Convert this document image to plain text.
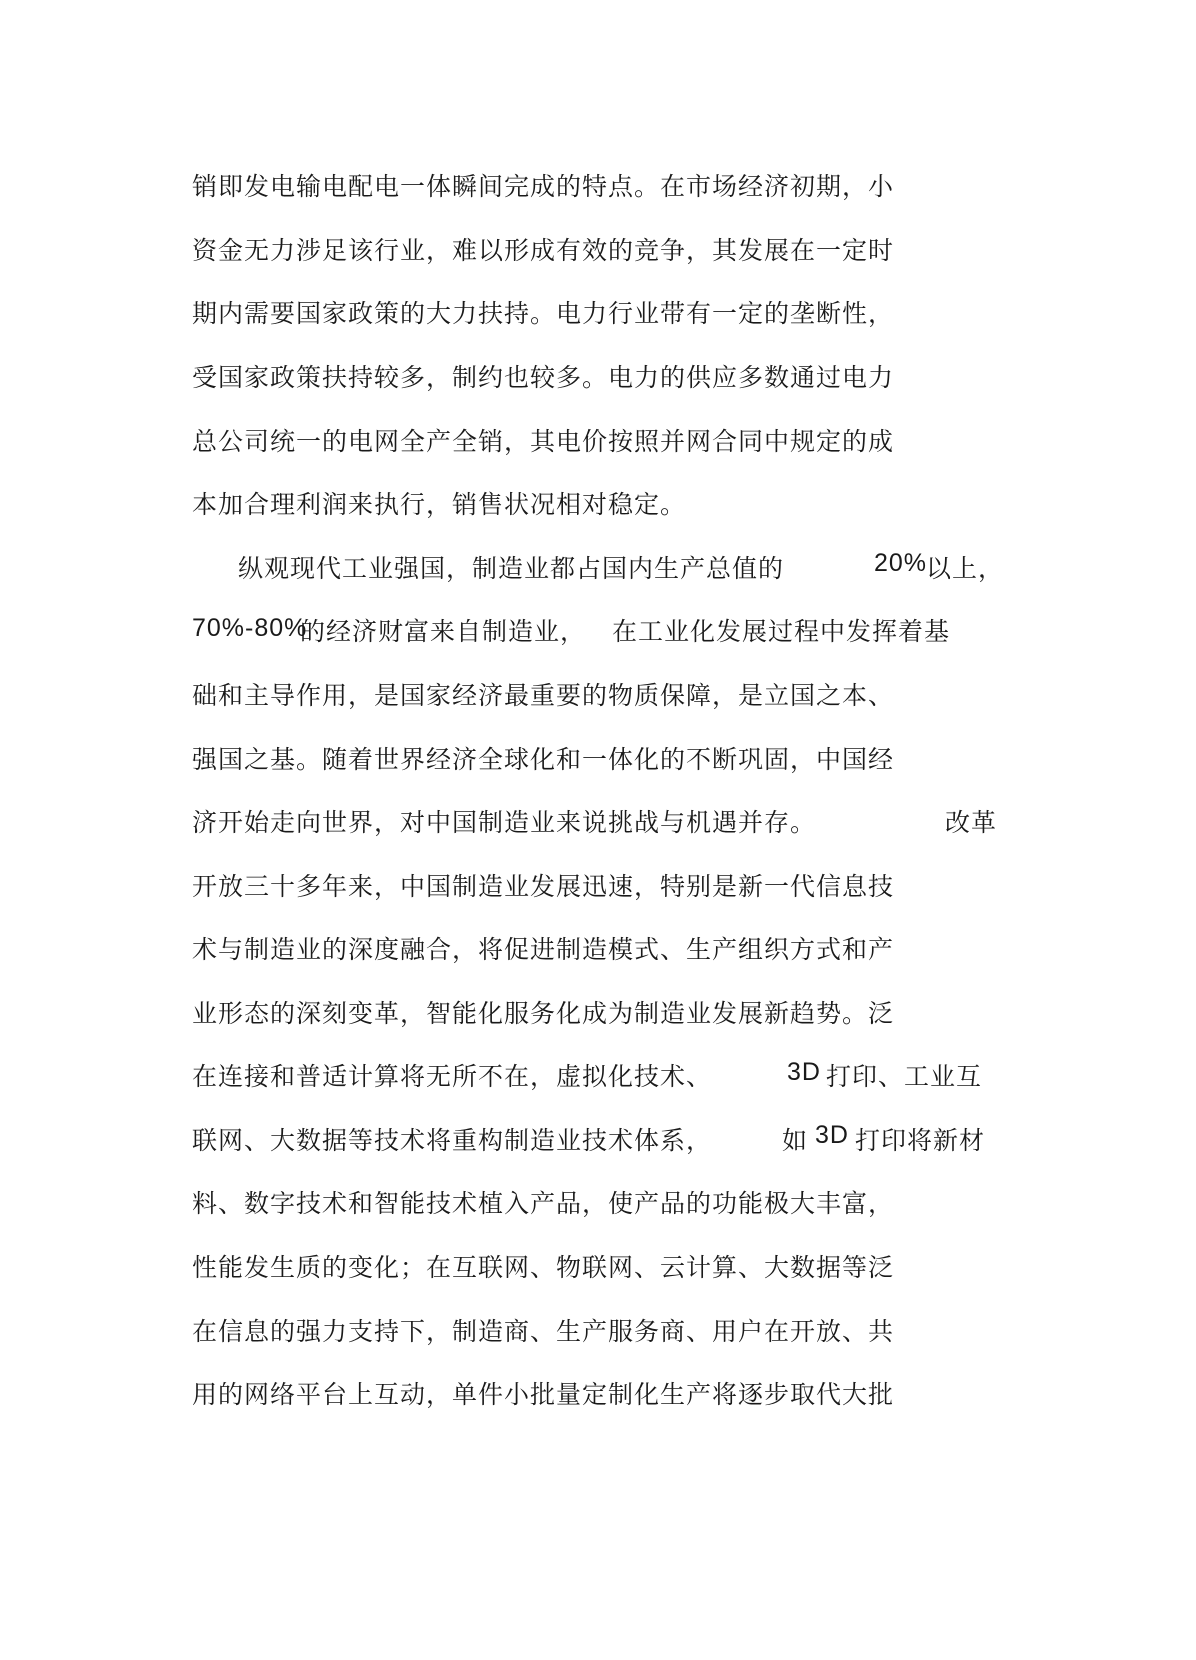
销即发电输电配电一体瞬间完成的特点。在市场经济初期，小
资金无力涉足该行业，难以形成有效的竞争，其发展在一定时
期内需要国家政策的大力扶持。电力行业带有一定的垄断性，
受国家政策扶持较多，制约也较多。电力的供应多数通过电力
总公司统一的电网全产全销，其电价按照并网合同中规定的成
本加合理利润来执行，销售状况相对稳定。
纵观现代工业强国，制造业都占国内生产总值的	20%
以上，
70%-80%
的经济财富来自制造业， 在工业化发展过程中发挥着基
础和主导作用，是国家经济最重要的物质保障，是立国之本、
强国之基。随着世界经济全球化和一体化的不断巩固，中国经
济开始走向世界，对中国制造业来说挑战与机遇并存。	改革
开放三十多年来，中国制造业发展迅速，特别是新一代信息技
术与制造业的深度融合，将促进制造模式、生产组织方式和产
业形态的深刻变革，智能化服务化成为制造业发展新趋势。泛
在连接和普适计算将无所不在，虚拟化技术、	3D 打印、工业互
联网、大数据等技术将重构制造业技术体系，	如 3D 打印将新材
料、数字技术和智能技术植入产品，使产品的功能极大丰富，
性能发生质的变化；在互联网、物联网、云计算、大数据等泛
在信息的强力支持下，制造商、生产服务商、用户在开放、共
用的网络平台上互动，单件小批量定制化生产将逐步取代大批
